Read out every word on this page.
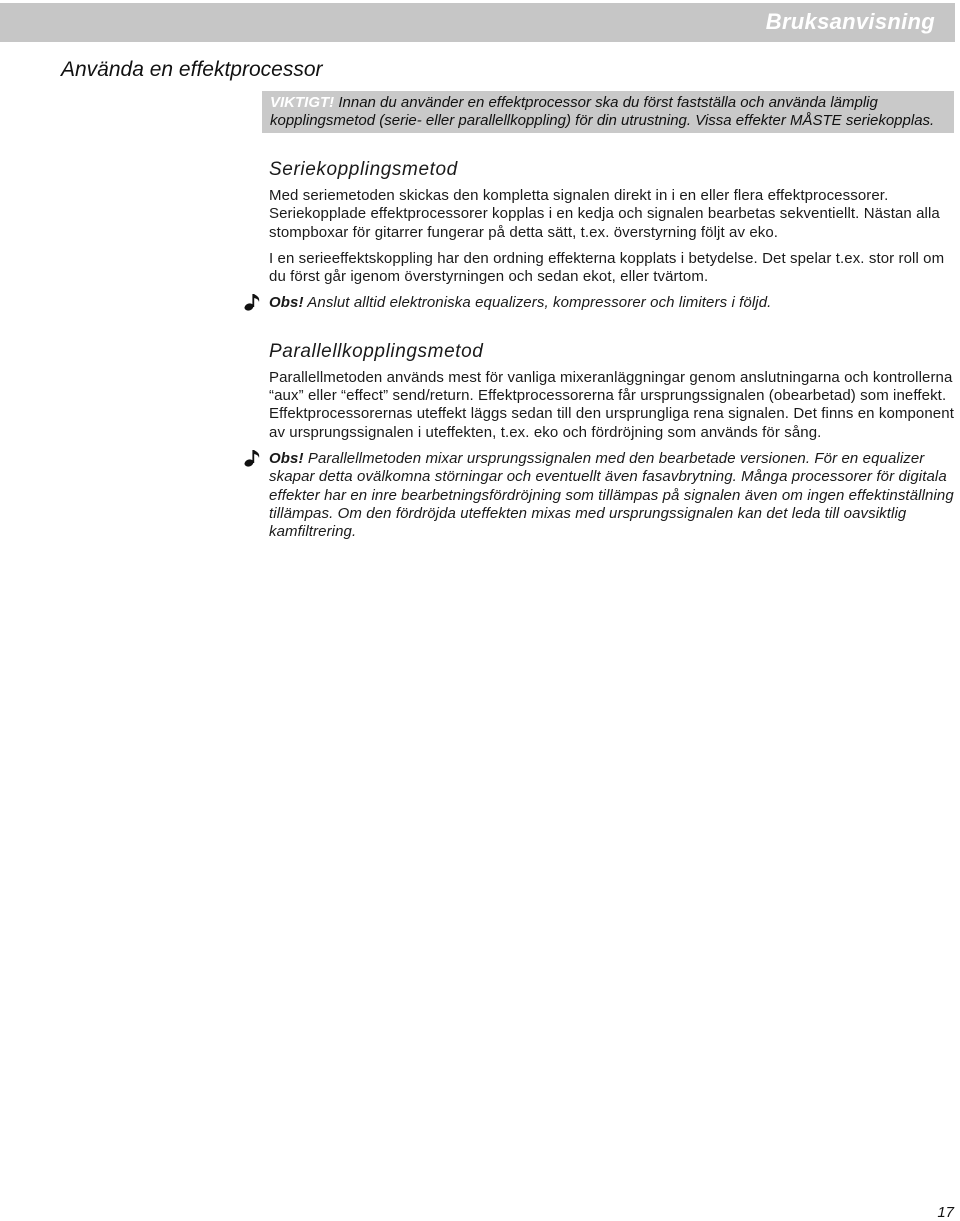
Bruksanvisning
Använda en effektprocessor
VIKTIGT! Innan du använder en effektprocessor ska du först fastställa och använda lämplig kopplingsmetod (serie- eller parallellkoppling) för din utrustning. Vissa effekter MÅSTE seriekopplas.
Seriekopplingsmetod

Med seriemetoden skickas den kompletta signalen direkt in i en eller flera effektprocessorer. Seriekopplade effektprocessorer kopplas i en kedja och signalen bearbetas sekventiellt. Nästan alla stompboxar för gitarrer fungerar på detta sätt, t.ex. överstyrning följt av eko.

I en serieeffektskoppling har den ordning effekterna kopplats i betydelse. Det spelar t.ex. stor roll om du först går igenom överstyrningen och sedan ekot, eller tvärtom.

Obs! Anslut alltid elektroniska equalizers, kompressorer och limiters i följd.

Parallellkopplingsmetod

Parallellmetoden används mest för vanliga mixeranläggningar genom anslutningarna och kontrollerna “aux” eller “effect” send/return. Effektprocessorerna får ursprungssignalen (obearbetad) som ineffekt. Effektprocessorernas uteffekt läggs sedan till den ursprungliga rena signalen. Det finns en komponent av ursprungssignalen i uteffekten, t.ex. eko och fördröjning som används för sång.

Obs! Parallellmetoden mixar ursprungssignalen med den bearbetade versionen. För en equalizer skapar detta ovälkomna störningar och eventuellt även fasavbrytning. Många processorer för digitala effekter har en inre bearbetningsfördröjning som tillämpas på signalen även om ingen effektinställning tillämpas. Om den fördröjda uteffekten mixas med ursprungssignalen kan det leda till oavsiktlig kamfiltrering.

17
